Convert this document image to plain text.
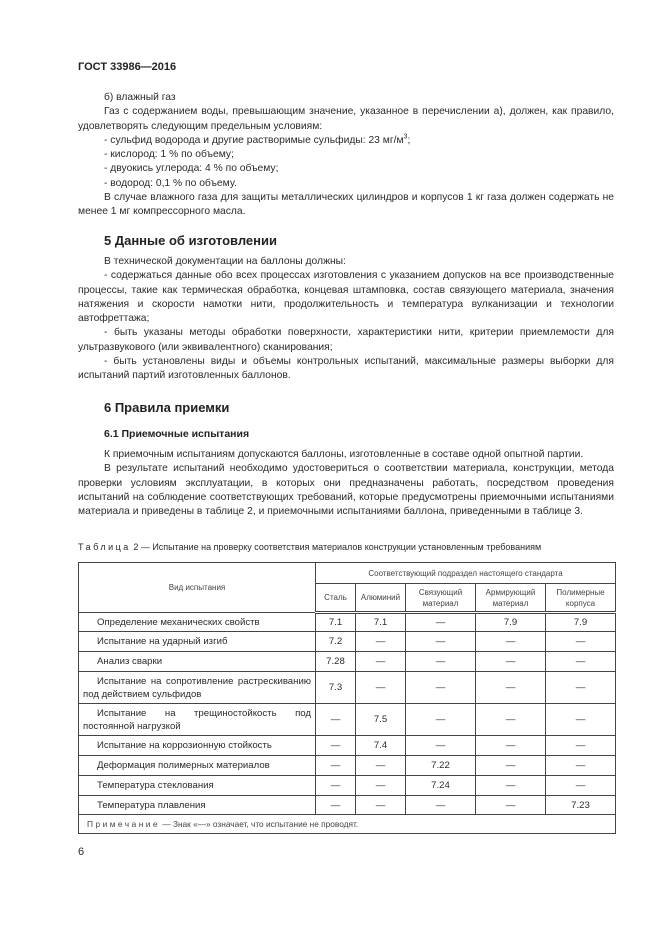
ГОСТ 33986—2016

б) влажный газ

Газ с содержанием воды, превышающим значение, указанное в перечислении а), должен, как правило, удовлетворять следующим предельным условиям:

- сульфид водорода и другие растворимые сульфиды: 23 $мг/м^3$;

- кислород: 1 % по объему;

- двуокись углерода: 4 % по объему;

- водород: 0,1 % по объему.

В случае влажного газа для защиты металлических цилиндров и корпусов 1 кг газа должен содержать не менее 1 мг компрессорного масла.

5 Данные об изготовлении

В технической документации на баллоны должны:

- содержаться данные обо всех процессах изготовления с указанием допусков на все производственные процессы, такие как термическая обработка, концевая штамповка, состав связующего материала, значения натяжения и скорости намотки нити, продолжительность и температура вулканизации и технологии автофреттажа;

- быть указаны методы обработки поверхности, характеристики нити, критерии приемлемости для ультразвукового (или эквивалентного) сканирования;

- быть установлены виды и объемы контрольных испытаний, максимальные размеры выборки для испытаний партий изготовленных баллонов.

6 Правила приемки
6.1 Приемочные испытания

К приемочным испытаниям допускаются баллоны, изготовленные в составе одной опытной партии.

В результате испытаний необходимо удостовериться о соответствии материала, конструкции, метода проверки условиям эксплуатации, в которых они предназначены работать, посредством проведения испытаний на соблюдение соответствующих требований, которые предусмотрены приемочными испытаниями материала и приведены в таблице 2, и приемочными испытаниями баллона, приведенными в таблице 3.

Таблица 2 — Испытание на проверку соответствия материалов конструкции установленным требованиям
Вид испытания	Соответствующий подраздел настоящего стандарта				
	Сталь	Алюминий	Связующий материал	Армирующий материал	Полимерные корпуса
Определение механических свойств	7.1	7.1	—	7.9	7.9
Испытание на ударный изгиб	7.2	—	—	—	—
Анализ сварки	7.28	—	—	—	—
Испытание на сопротивление растрескиванию под действием сульфидов	7.3	—	—	—	—
Испытание на трещиностойкость под постоянной нагрузкой	—	7.5	—	—	—
Испытание на коррозионную стойкость	—	7.4	—	—	—
Деформация полимерных материалов	—	—	7.22	—	—
Температура стеклования	—	—	7.24	—	—
Температура плавления	—	—	—	—	7.23
Примечание — Знак «—» означает, что испытание не проводят.					
6
